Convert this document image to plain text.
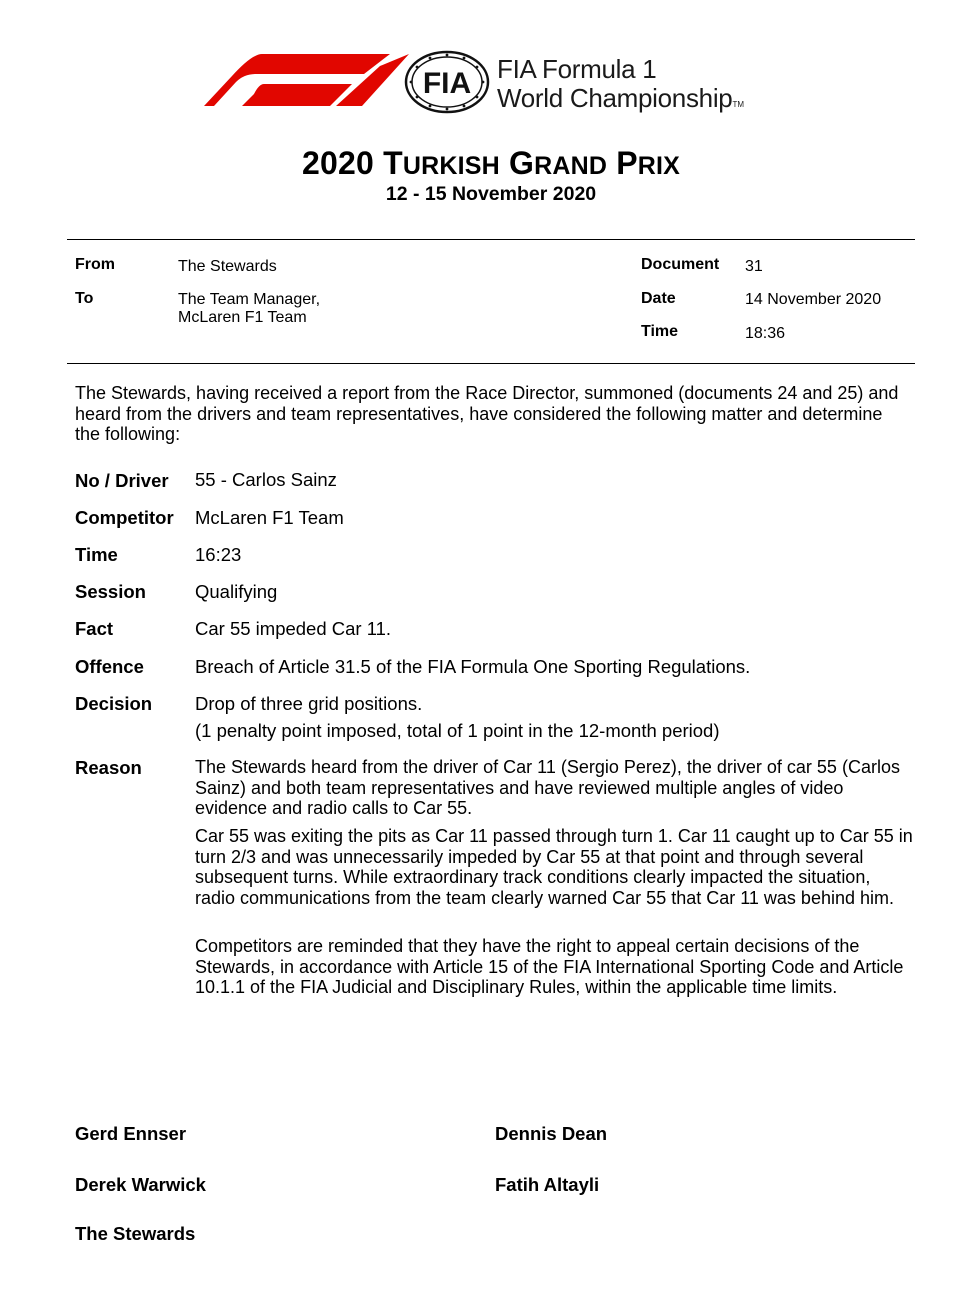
FIA FIA Formula 1
World ChampionshipTM
2020 TURKISH GRAND PRIX
12 - 15 November 2020
From	The Stewards
To	The Team Manager,
McLaren F1 Team
Document 31
Date	14 November 2020
Time	18:36
The Stewards, having received a report from the Race Director, summoned (documents 24 and 25) and heard from the drivers and team representatives, have considered the following matter and determine the following:
No / Driver 55 - Carlos Sainz
Competitor McLaren F1 Team
Time	16:23
Session	Qualifying
Fact	Car 55 impeded Car 11.
Offence	Breach of Article 31.5 of the FIA Formula One Sporting Regulations.
Decision Drop of three grid positions.
(1 penalty point imposed, total of 1 point in the 12-month period)
Reason	The Stewards heard from the driver of Car 11 (Sergio Perez), the driver of car 55 (Carlos Sainz) and both team representatives and have reviewed multiple angles of video evidence and radio calls to Car 55.
Car 55 was exiting the pits as Car 11 passed through turn 1. Car 11 caught up to Car 55 in turn 2/3 and was unnecessarily impeded by Car 55 at that point and through several subsequent turns. While extraordinary track conditions clearly impacted the situation, radio communications from the team clearly warned Car 55 that Car 11 was behind him.
Competitors are reminded that they have the right to appeal certain decisions of the Stewards, in accordance with Article 15 of the FIA International Sporting Code and Article 10.1.1 of the FIA Judicial and Disciplinary Rules, within the applicable time limits.
Gerd Ennser	Dennis Dean
Derek Warwick	Fatih Altayli
The Stewards
